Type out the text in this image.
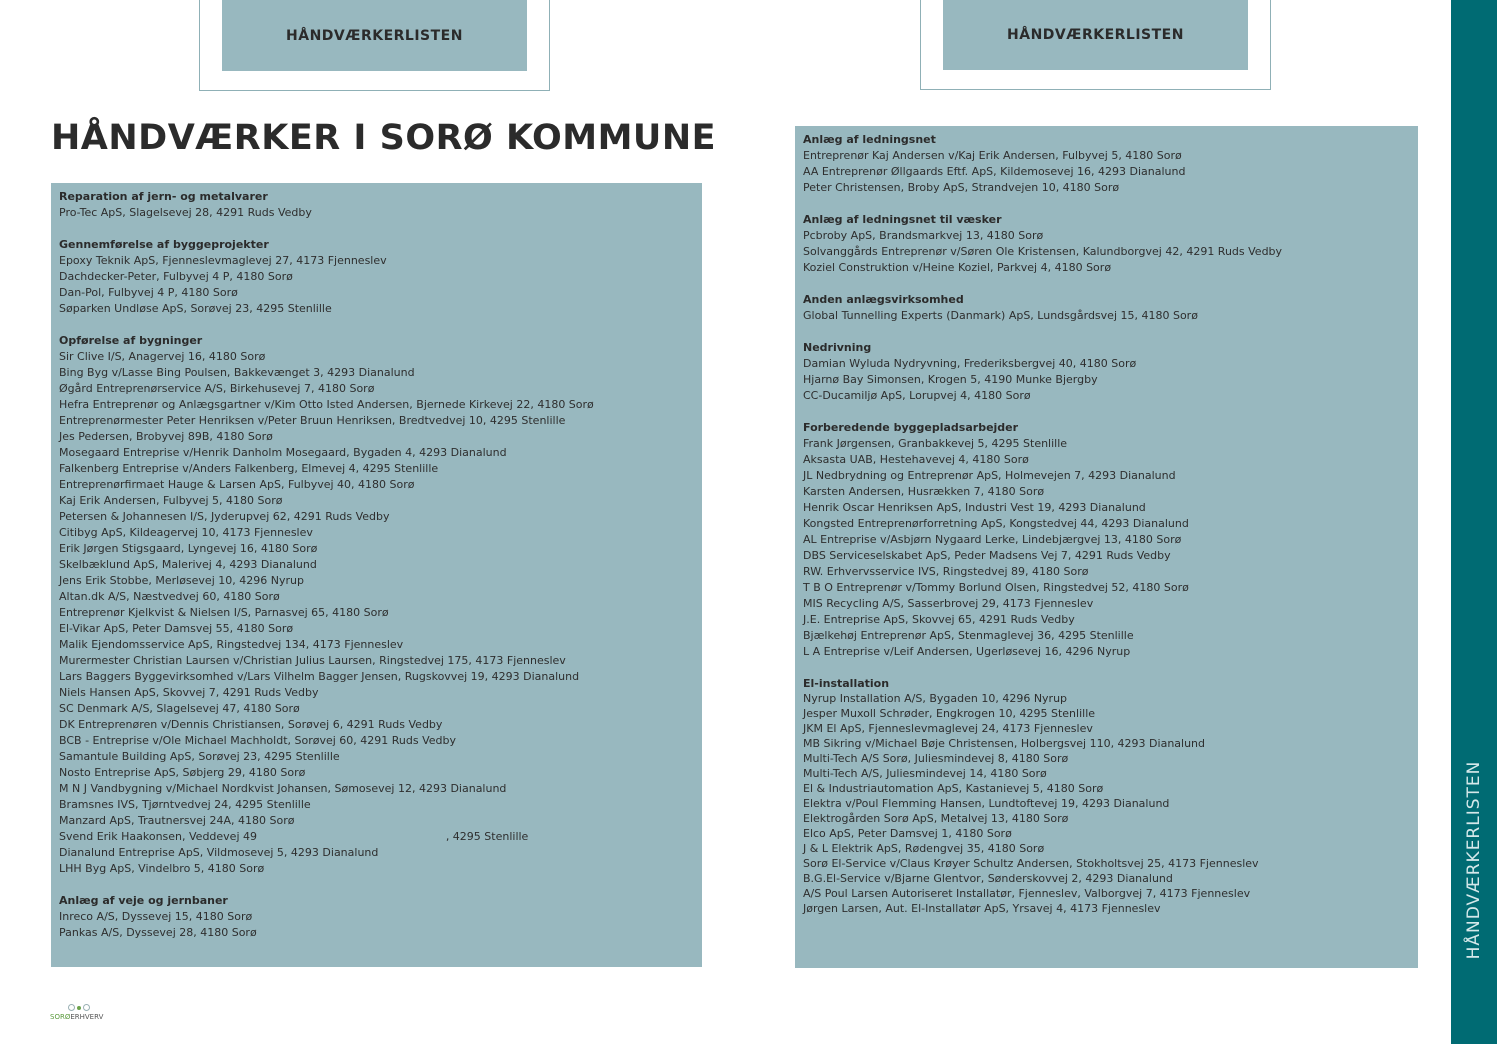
HÅNDVÆRKERLISTEN	HÅNDVÆRKERLISTEN
HÅNDVÆRKER I SORØ KOMMUNE
Reparation af jern- og metalvarer
Pro-Tec ApS, Slagelsevej 28, 4291 Ruds Vedby
Gennemførelse af byggeprojekter
Epoxy Teknik ApS, Fjenneslevmaglevej 27, 4173 Fjenneslev
Dachdecker-Peter, Fulbyvej 4 P, 4180 Sorø
Dan-Pol, Fulbyvej 4 P, 4180 Sorø
Søparken Undløse ApS, Sorøvej 23, 4295 Stenlille
Opførelse af bygninger
Sir Clive I/S, Anagervej 16, 4180 Sorø
Bing Byg v/Lasse Bing Poulsen, Bakkevænget 3, 4293 Dianalund
Øgård Entreprenørservice A/S, Birkehusevej 7, 4180 Sorø
Hefra Entreprenør og Anlægsgartner v/Kim Otto Isted Andersen, Bjernede Kirkevej 22, 4180 Sorø
Entreprenørmester Peter Henriksen v/Peter Bruun Henriksen, Bredtvedvej 10, 4295 Stenlille
Jes Pedersen, Brobyvej 89B, 4180 Sorø
Mosegaard Entreprise v/Henrik Danholm Mosegaard, Bygaden 4, 4293 Dianalund
Falkenberg Entreprise v/Anders Falkenberg, Elmevej 4, 4295 Stenlille
Entreprenørfirmaet Hauge & Larsen ApS, Fulbyvej 40, 4180 Sorø
Kaj Erik Andersen, Fulbyvej 5, 4180 Sorø
Petersen & Johannesen I/S, Jyderupvej 62, 4291 Ruds Vedby
Citibyg ApS, Kildeagervej 10, 4173 Fjenneslev
Erik Jørgen Stigsgaard, Lyngevej 16, 4180 Sorø
Skelbæklund ApS, Malerivej 4, 4293 Dianalund
Jens Erik Stobbe, Merløsevej 10, 4296 Nyrup
Altan.dk A/S, Næstvedvej 60, 4180 Sorø
Entreprenør Kjelkvist & Nielsen I/S, Parnasvej 65, 4180 Sorø
El-Vikar ApS, Peter Damsvej 55, 4180 Sorø
Malik Ejendomsservice ApS, Ringstedvej 134, 4173 Fjenneslev
Murermester Christian Laursen v/Christian Julius Laursen, Ringstedvej 175, 4173 Fjenneslev
Lars Baggers Byggevirksomhed v/Lars Vilhelm Bagger Jensen, Rugskovvej 19, 4293 Dianalund
Niels Hansen ApS, Skovvej 7, 4291 Ruds Vedby
SC Denmark A/S, Slagelsevej 47, 4180 Sorø
DK Entreprenøren v/Dennis Christiansen, Sorøvej 6, 4291 Ruds Vedby
BCB - Entreprise v/Ole Michael Machholdt, Sorøvej 60, 4291 Ruds Vedby
Samantule Building ApS, Sorøvej 23, 4295 Stenlille
Nosto Entreprise ApS, Søbjerg 29, 4180 Sorø
M N J Vandbygning v/Michael Nordkvist Johansen, Sømosevej 12, 4293 Dianalund
Bramsnes IVS, Tjørntvedvej 24, 4295 Stenlille
Manzard ApS, Trautnersvej 24A, 4180 Sorø
Svend Erik Haakonsen, Veddevej 49                                                      , 4295 Stenlille
Dianalund Entreprise ApS, Vildmosevej 5, 4293 Dianalund
LHH Byg ApS, Vindelbro 5, 4180 Sorø
Anlæg af veje og jernbaner
Inreco A/S, Dyssevej 15, 4180 Sorø
Pankas A/S, Dyssevej 28, 4180 Sorø
Anlæg af ledningsnet
Entreprenør Kaj Andersen v/Kaj Erik Andersen, Fulbyvej 5, 4180 Sorø
AA Entreprenør Øllgaards Eftf. ApS, Kildemosevej 16, 4293 Dianalund
Peter Christensen, Broby ApS, Strandvejen 10, 4180 Sorø
Anlæg af ledningsnet til væsker
Pcbroby ApS, Brandsmarkvej 13, 4180 Sorø
Solvanggårds Entreprenør v/Søren Ole Kristensen, Kalundborgvej 42, 4291 Ruds Vedby
Koziel Construktion v/Heine Koziel, Parkvej 4, 4180 Sorø
Anden anlægsvirksomhed
Global Tunnelling Experts (Danmark) ApS, Lundsgårdsvej 15, 4180 Sorø
Nedrivning
Damian Wyluda Nydryvning, Frederiksbergvej 40, 4180 Sorø
Hjarnø Bay Simonsen, Krogen 5, 4190 Munke Bjergby
CC-Ducamiljø ApS, Lorupvej 4, 4180 Sorø
Forberedende byggepladsarbejder
Frank Jørgensen, Granbakkevej 5, 4295 Stenlille
Aksasta UAB, Hestehavevej 4, 4180 Sorø
JL Nedbrydning og Entreprenør ApS, Holmevejen 7, 4293 Dianalund
Karsten Andersen, Husrækken 7, 4180 Sorø
Henrik Oscar Henriksen ApS, Industri Vest 19, 4293 Dianalund
Kongsted Entreprenørforretning ApS, Kongstedvej 44, 4293 Dianalund
AL Entreprise v/Asbjørn Nygaard Lerke, Lindebjærgvej 13, 4180 Sorø
DBS Serviceselskabet ApS, Peder Madsens Vej 7, 4291 Ruds Vedby
RW. Erhvervsservice IVS, Ringstedvej 89, 4180 Sorø
T B O Entreprenør v/Tommy Borlund Olsen, Ringstedvej 52, 4180 Sorø
MIS Recycling A/S, Sasserbrovej 29, 4173 Fjenneslev
J.E. Entreprise ApS, Skovvej 65, 4291 Ruds Vedby
Bjælkehøj Entreprenør ApS, Stenmaglevej 36, 4295 Stenlille
L A Entreprise v/Leif Andersen, Ugerløsevej 16, 4296 Nyrup
El-installation
Nyrup Installation A/S, Bygaden 10, 4296 Nyrup
Jesper Muxoll Schrøder, Engkrogen 10, 4295 Stenlille
JKM El ApS, Fjenneslevmaglevej 24, 4173 Fjenneslev
MB Sikring v/Michael Bøje Christensen, Holbergsvej 110, 4293 Dianalund
Multi-Tech A/S Sorø, Juliesmindevej 8, 4180 Sorø
Multi-Tech A/S, Juliesmindevej 14, 4180 Sorø
El & Industriautomation ApS, Kastanievej 5, 4180 Sorø
Elektra v/Poul Flemming Hansen, Lundtoftevej 19, 4293 Dianalund
Elektrogården Sorø ApS, Metalvej 13, 4180 Sorø
Elco ApS, Peter Damsvej 1, 4180 Sorø
J & L Elektrik ApS, Rødengvej 35, 4180 Sorø
Sorø El-Service v/Claus Krøyer Schultz Andersen, Stokholtsvej 25, 4173 Fjenneslev
B.G.El-Service v/Bjarne Glentvor, Sønderskovvej 2, 4293 Dianalund
A/S Poul Larsen Autoriseret Installatør, Fjenneslev, Valborgvej 7, 4173 Fjenneslev
Jørgen Larsen, Aut. El-Installatør ApS, Yrsavej 4, 4173 Fjenneslev	HÅNDVÆRKERLISTEN
SORØERHVERV
